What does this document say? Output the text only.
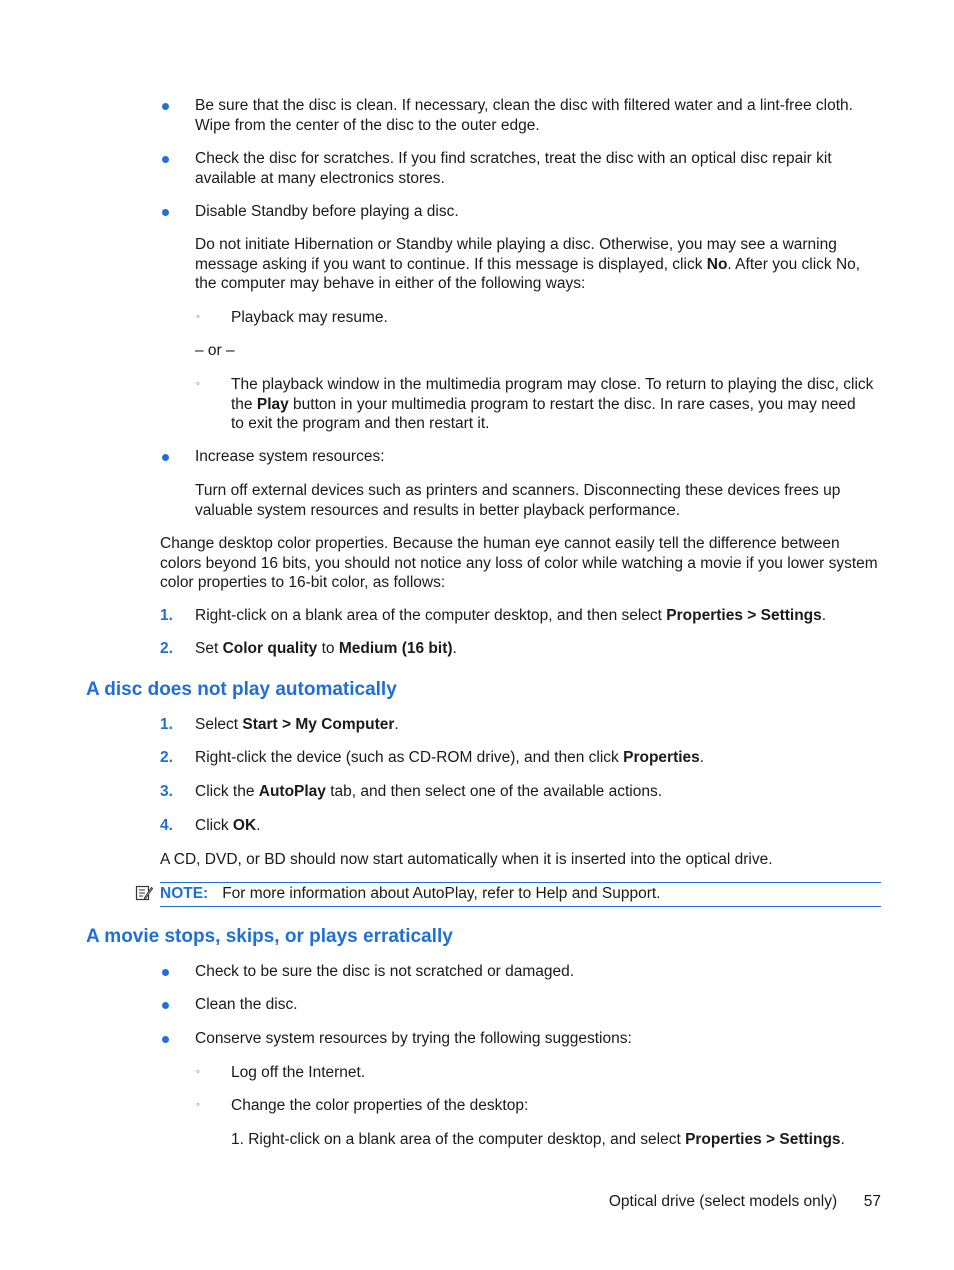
Be sure that the disc is clean. If necessary, clean the disc with filtered water and a lint-free cloth.
Wipe from the center of the disc to the outer edge.
Check the disc for scratches. If you find scratches, treat the disc with an optical disc repair kit
available at many electronics stores.
Disable Standby before playing a disc.
Do not initiate Hibernation or Standby while playing a disc. Otherwise, you may see a warning
message asking if you want to continue. If this message is displayed, click No. After you click No,
the computer may behave in either of the following ways:
◦ Playback may resume.
– or –
◦ The playback window in the multimedia program may close. To return to playing the disc, click
the Play button in your multimedia program to restart the disc. In rare cases, you may need
to exit the program and then restart it.
Increase system resources:
Turn off external devices such as printers and scanners. Disconnecting these devices frees up
valuable system resources and results in better playback performance.
Change desktop color properties. Because the human eye cannot easily tell the difference between
colors beyond 16 bits, you should not notice any loss of color while watching a movie if you lower system
color properties to 16-bit color, as follows:
1. Right-click on a blank area of the computer desktop, and then select Properties > Settings.
2. Set Color quality to Medium (16 bit).
A disc does not play automatically
1. Select Start > My Computer.
2. Right-click the device (such as CD-ROM drive), and then click Properties.
3. Click the AutoPlay tab, and then select one of the available actions.
4. Click OK.
A CD, DVD, or BD should now start automatically when it is inserted into the optical drive.
NOTE: For more information about AutoPlay, refer to Help and Support.
A movie stops, skips, or plays erratically
Check to be sure the disc is not scratched or damaged.
Clean the disc.
Conserve system resources by trying the following suggestions:
◦ Log off the Internet.
◦ Change the color properties of the desktop:
1. Right-click on a blank area of the computer desktop, and select Properties > Settings.
Optical drive (select models only) 57
